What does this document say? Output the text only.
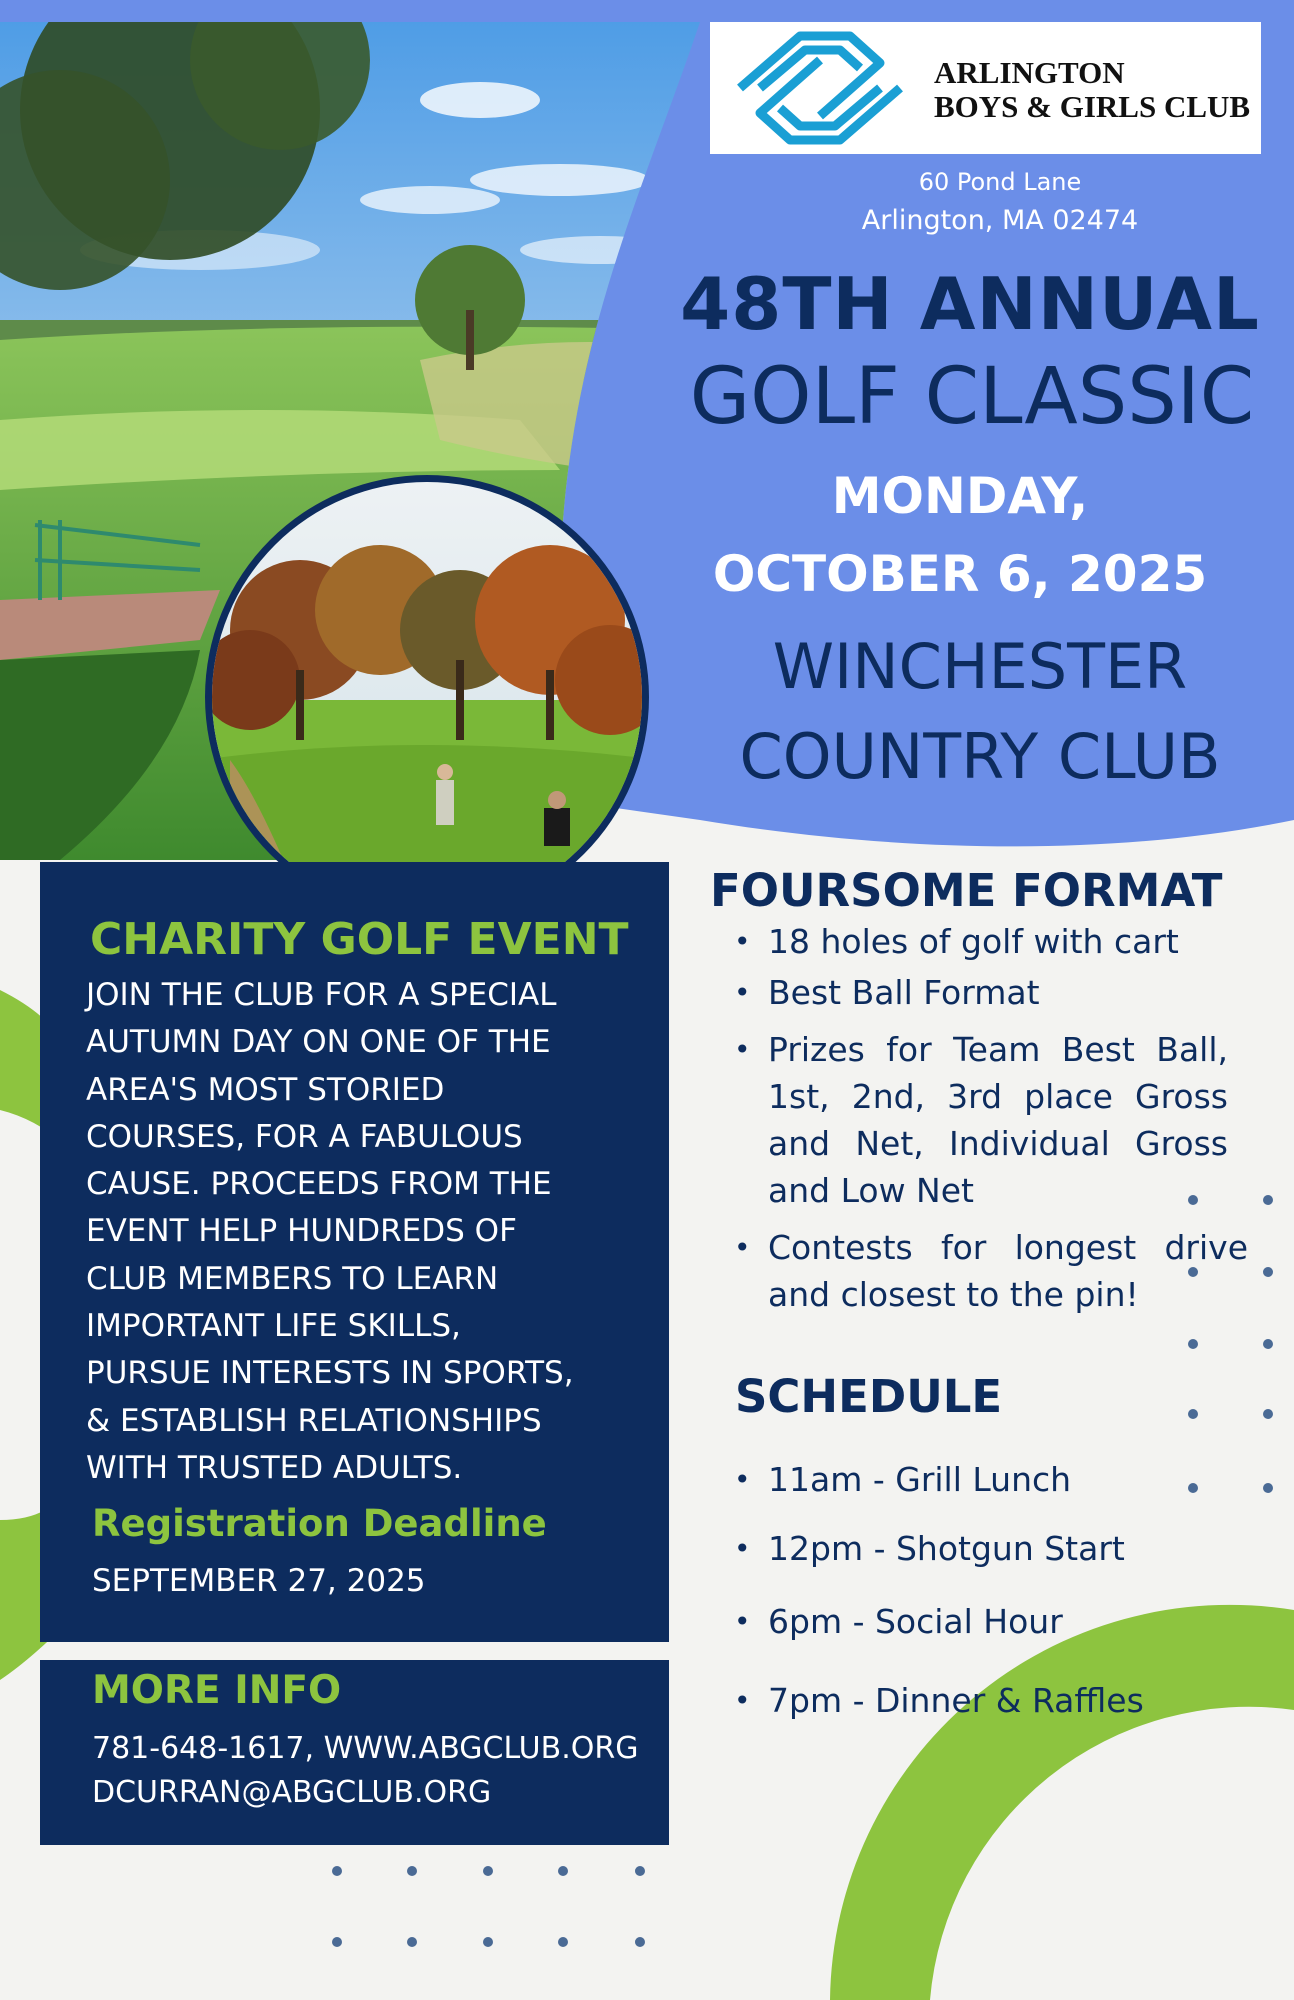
ARLINGTON
BOYS & GIRLS CLUB
60 Pond Lane
Arlington, MA 02474
48TH ANNUAL
GOLF CLASSIC
MONDAY,
OCTOBER 6, 2025
WINCHESTER
COUNTRY CLUB
CHARITY GOLF EVENT
JOIN THE CLUB FOR A SPECIAL
AUTUMN DAY ON ONE OF THE
AREA'S MOST STORIED
COURSES, FOR A FABULOUS
CAUSE. PROCEEDS FROM THE
EVENT HELP HUNDREDS OF
CLUB MEMBERS TO LEARN
IMPORTANT LIFE SKILLS,
PURSUE INTERESTS IN SPORTS,
& ESTABLISH RELATIONSHIPS
WITH TRUSTED ADULTS.
Registration Deadline
SEPTEMBER 27, 2025
MORE INFO
781-648-1617, WWW.ABGCLUB.ORG
DCURRAN@ABGCLUB.ORG
FOURSOME FORMAT
• 18 holes of golf with cart
• Best Ball Format
• Prizes for Team Best Ball, 1st, 2nd, 3rd place Gross and Net, Individual Gross and Low Net
• Contests for longest drive and closest to the pin!
SCHEDULE
• 11am - Grill Lunch
• 12pm - Shotgun Start
• 6pm - Social Hour
• 7pm - Dinner & Raffles
